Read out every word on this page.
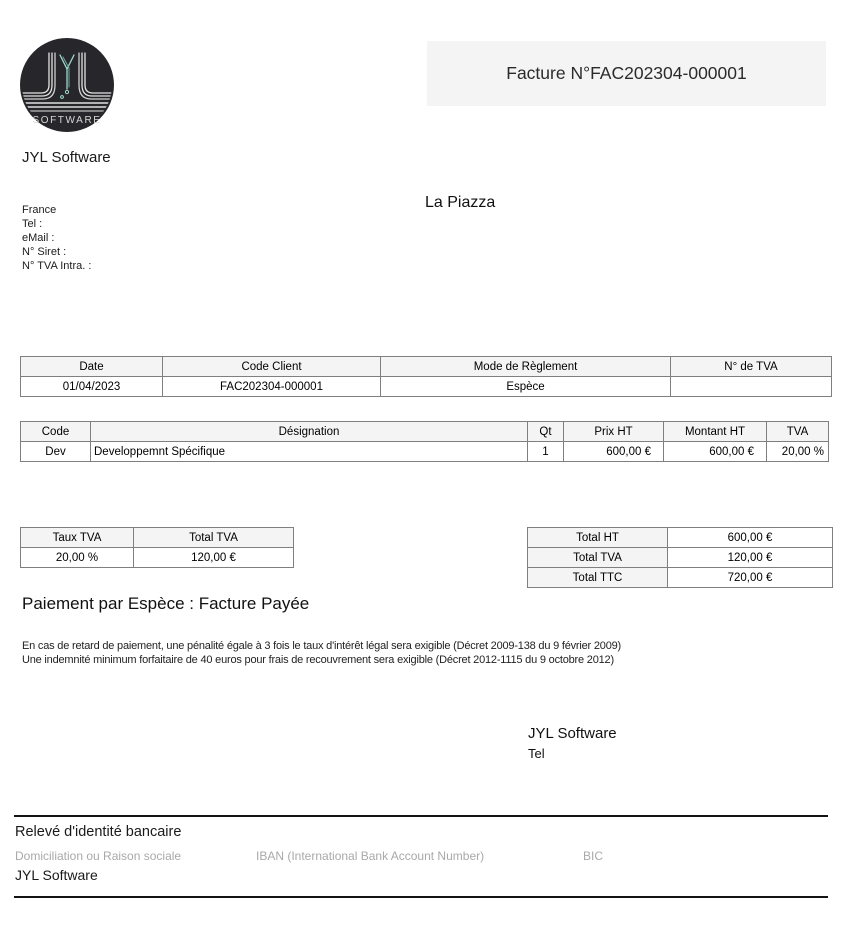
SOFTWARE
Facture N°FAC202304-000001
JYL Software
France
Tel :
eMail :
N° Siret :
N° TVA Intra. :
La Piazza
Date	Code Client	Mode de Règlement	N° de TVA
01/04/2023	FAC202304-000001	Espèce	
Code	Désignation	Qt	Prix HT	Montant HT	TVA
Dev	Developpemnt Spécifique	1	600,00 €	600,00 €	20,00 %
Taux TVA	Total TVA
20,00 %	120,00 €
Total HT	600,00 €
Total TVA	120,00 €
Total TTC	720,00 €
Paiement par Espèce : Facture Payée
En cas de retard de paiement, une pénalité égale à 3 fois le taux d'intérêt légal sera exigible (Décret 2009-138 du 9 février 2009)
Une indemnité minimum forfaitaire de 40 euros pour frais de recouvrement sera exigible (Décret 2012-1115 du 9 octobre 2012)
JYL Software
Tel
Relevé d'identité bancaire
Domiciliation ou Raison sociale	IBAN (International Bank Account Number)	BIC
JYL Software
